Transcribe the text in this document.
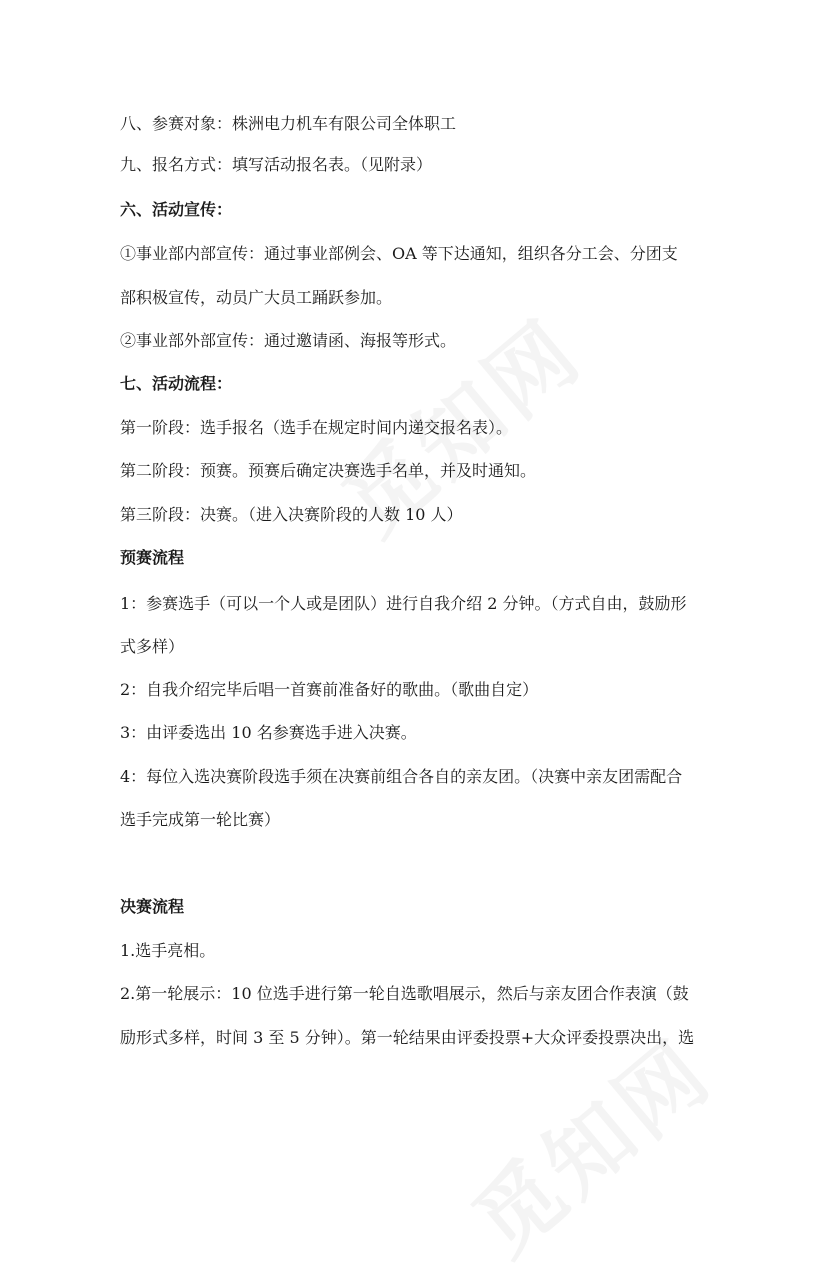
八、参赛对象：株洲电力机车有限公司全体职工
九、报名方式：填写活动报名表。（见附录）
六、活动宣传：
①事业部内部宣传：通过事业部例会、OA 等下达通知，组织各分工会、分团支
部积极宣传，动员广大员工踊跃参加。
②事业部外部宣传：通过邀请函、海报等形式。
七、活动流程：
第一阶段：选手报名（选手在规定时间内递交报名表）。
第二阶段：预赛。预赛后确定决赛选手名单，并及时通知。
第三阶段：决赛。（进入决赛阶段的人数 10 人）
预赛流程
1：参赛选手（可以一个人或是团队）进行自我介绍 2 分钟。（方式自由，鼓励形
式多样）
2：自我介绍完毕后唱一首赛前准备好的歌曲。（歌曲自定）
3：由评委选出 10 名参赛选手进入决赛。
4：每位入选决赛阶段选手须在决赛前组合各自的亲友团。（决赛中亲友团需配合
选手完成第一轮比赛）
决赛流程
1.选手亮相。
2.第一轮展示：10 位选手进行第一轮自选歌唱展示，然后与亲友团合作表演（鼓
励形式多样，时间 3 至 5 分钟）。第一轮结果由评委投票+大众评委投票决出，选
